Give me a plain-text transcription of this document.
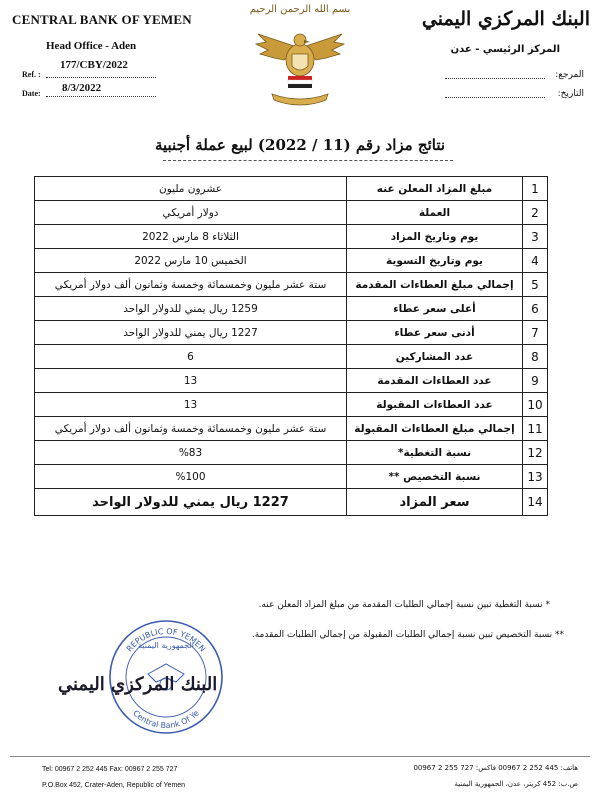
CENTRAL BANK OF YEMEN
Head Office - Aden
177/CBY/2022
Ref. :
8/3/2022
Date:
بسم الله الرحمن الرحيم	البنك المركزي اليمني
المركز الرئيسي - عدن
المرجع:
التاريخ:
نتائج مزاد رقم (11 / 2022) لبيع عملة أجنبية
1	مبلغ المزاد المعلن عنه	عشرون مليون
2	العملة	دولار أمريكي
3	يوم وتاريخ المزاد	الثلاثاء 8 مارس 2022
4	يوم وتاريخ التسوية	الخميس 10 مارس 2022
5	إجمالي مبلغ العطاءات المقدمة	ستة عشر مليون وخمسمائة وخمسة وثمانون ألف دولار أمريكي
6	أعلى سعر عطاء	1259 ريال يمني للدولار الواحد
7	أدنى سعر عطاء	1227 ريال يمني للدولار الواحد
8	عدد المشاركين	6
9	عدد العطاءات المقدمة	13
10	عدد العطاءات المقبولة	13
11	إجمالي مبلغ العطاءات المقبولة	ستة عشر مليون وخمسمائة وخمسة وثمانون ألف دولار أمريكي
12	نسبة التغطية*	%83
13	نسبة التخصيص **	%100
14	سعر المزاد	1227 ريال يمني للدولار الواحد
* نسبة التغطية تبين نسبة إجمالي الطلبات المقدمة من مبلغ المزاد المعلن عنه.
** نسبة التخصيص تبين نسبة إجمالي الطلبات المقبولة من إجمالي الطلبات المقدمة.
REPUBLIC OF YEMEN
Central Bank Of Ye
الجمهورية اليمنية
البنك المركزي اليمني
Tel: 00967 2 252 445 Fax: 00967 2 255 727
P.O.Box 452, Crater-Aden, Republic of Yemen
هاتف: 445 252 2 00967 فاكس: 727 255 2 00967
ص.ب: 452 كريتر، عدن، الجمهورية اليمنية
